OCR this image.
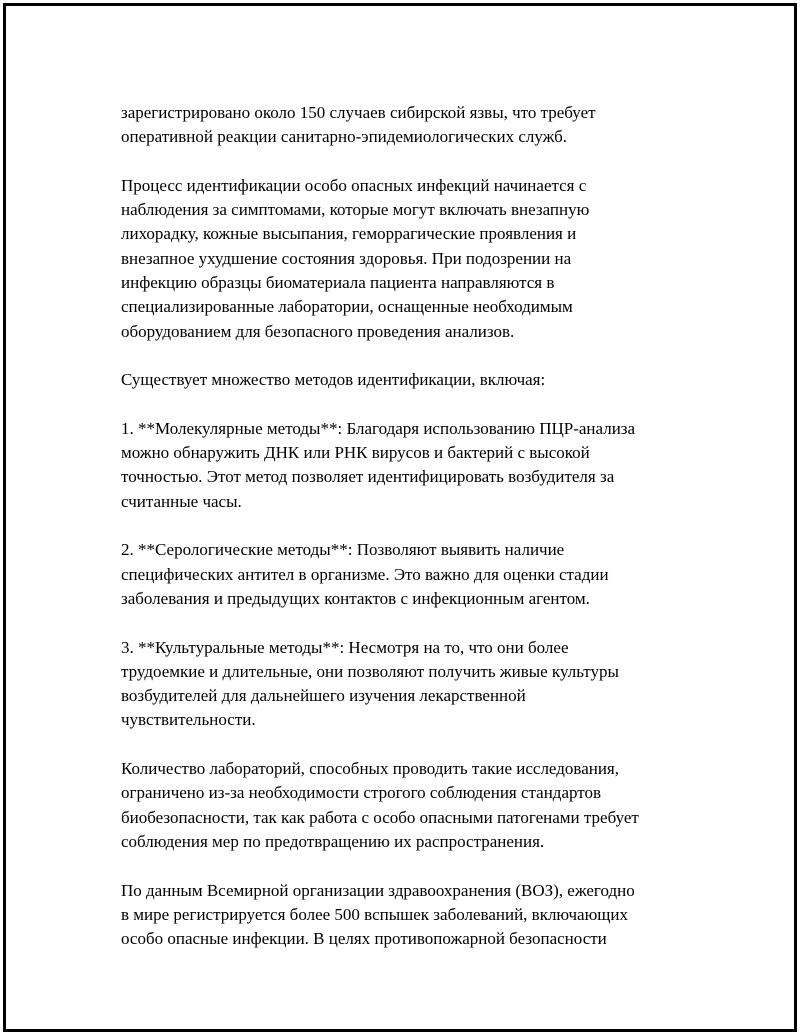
зарегистрировано около 150 случаев сибирской язвы, что требует
оперативной реакции санитарно-эпидемиологических служб.

Процесс идентификации особо опасных инфекций начинается с
наблюдения за симптомами, которые могут включать внезапную
лихорадку, кожные высыпания, геморрагические проявления и
внезапное ухудшение состояния здоровья. При подозрении на
инфекцию образцы биоматериала пациента направляются в
специализированные лаборатории, оснащенные необходимым
оборудованием для безопасного проведения анализов.

Существует множество методов идентификации, включая:

1. **Молекулярные методы**: Благодаря использованию ПЦР-анализа
можно обнаружить ДНК или РНК вирусов и бактерий с высокой
точностью. Этот метод позволяет идентифицировать возбудителя за
считанные часы.

2. **Серологические методы**: Позволяют выявить наличие
специфических антител в организме. Это важно для оценки стадии
заболевания и предыдущих контактов с инфекционным агентом.

3. **Культуральные методы**: Несмотря на то, что они более
трудоемкие и длительные, они позволяют получить живые культуры
возбудителей для дальнейшего изучения лекарственной
чувствительности.

Количество лабораторий, способных проводить такие исследования,
ограничено из-за необходимости строгого соблюдения стандартов
биобезопасности, так как работа с особо опасными патогенами требует
соблюдения мер по предотвращению их распространения.

По данным Всемирной организации здравоохранения (ВОЗ), ежегодно
в мире регистрируется более 500 вспышек заболеваний, включающих
особо опасные инфекции. В целях противопожарной безопасности
